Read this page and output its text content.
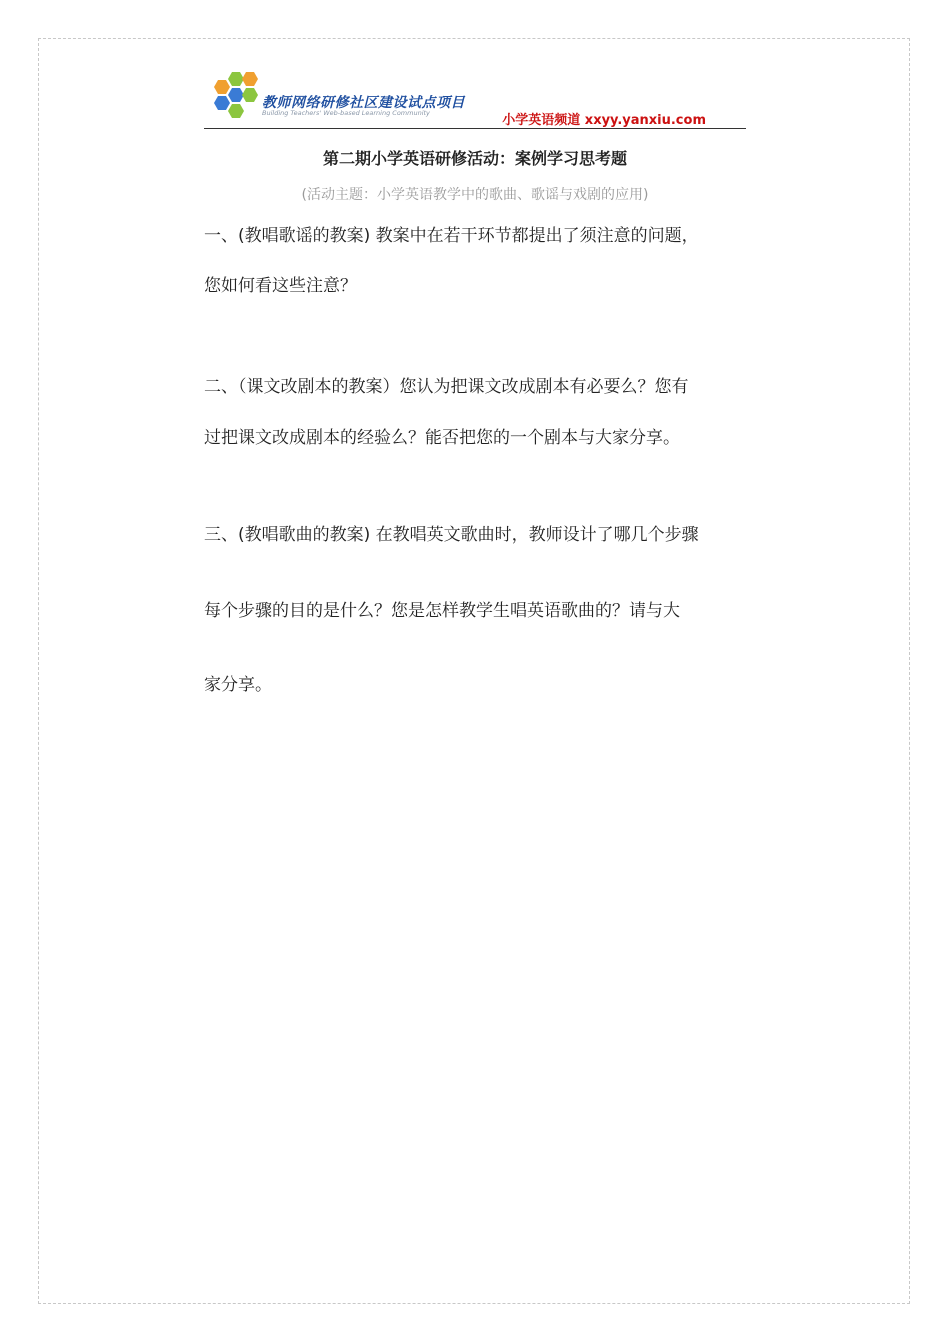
教师网络研修社区建设试点项目
Building Teachers' Web-based Learning Community	小学英语频道 xxyy.yanxiu.com
第二期小学英语研修活动：案例学习思考题
(活动主题：小学英语教学中的歌曲、歌谣与戏剧的应用)
一、(教唱歌谣的教案) 教案中在若干环节都提出了须注意的问题，
您如何看这些注意？
二、（课文改剧本的教案）您认为把课文改成剧本有必要么？您有
过把课文改成剧本的经验么？能否把您的一个剧本与大家分享。
三、(教唱歌曲的教案) 在教唱英文歌曲时，教师设计了哪几个步骤
每个步骤的目的是什么？您是怎样教学生唱英语歌曲的？请与大
家分享。
